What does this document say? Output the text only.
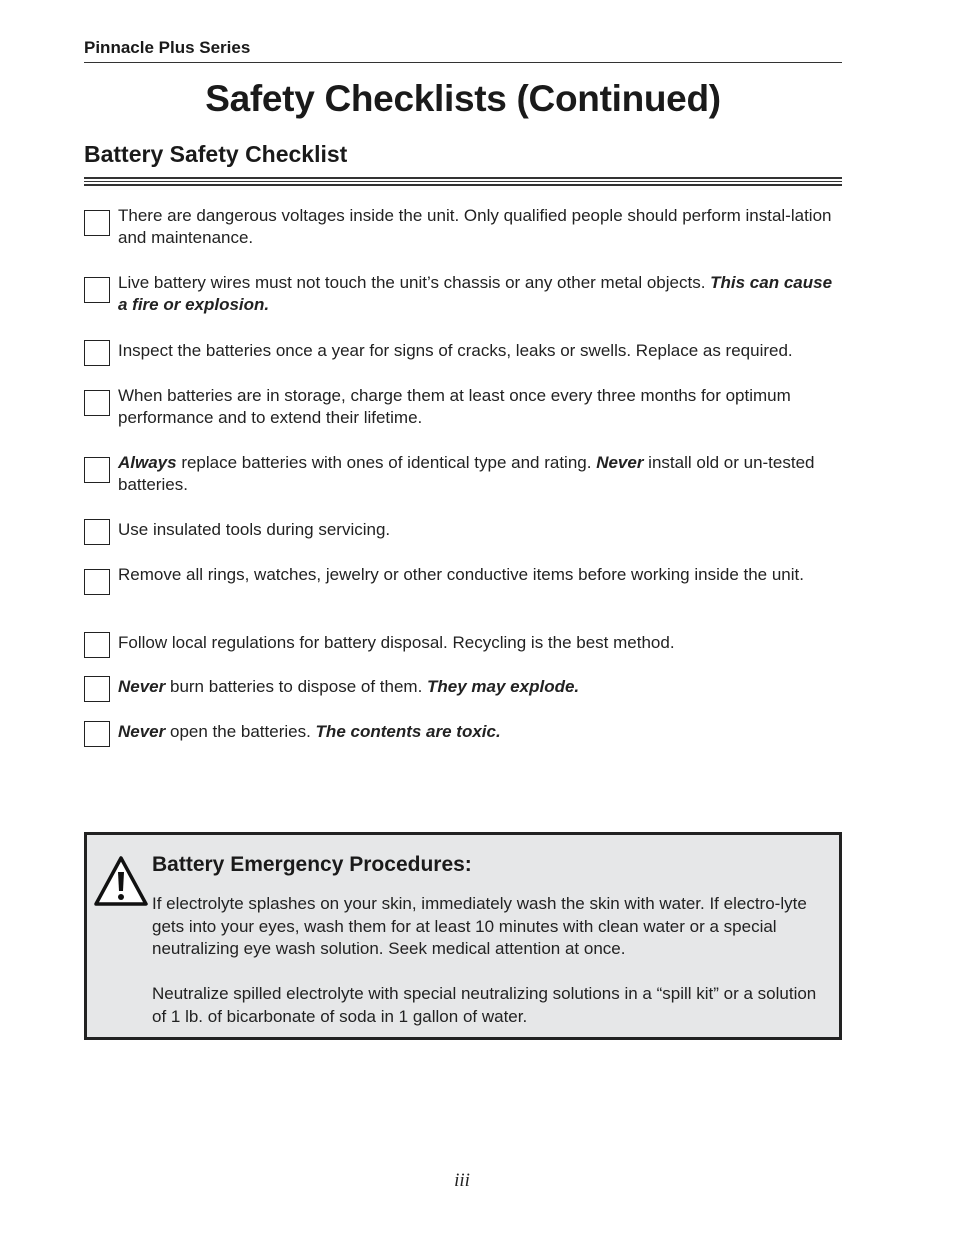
Pinnacle Plus Series
Safety Checklists (Continued)
Battery Safety Checklist
There are dangerous voltages inside the unit. Only qualified people should perform instal-lation and maintenance.
Live battery wires must not touch the unit’s chassis or any other metal objects. This can cause a fire or explosion.
Inspect the batteries once a year for signs of cracks, leaks or swells. Replace as required.
When batteries are in storage, charge them at least once every three months for optimum performance and to extend their lifetime.
Always replace batteries with ones of identical type and rating. Never install old or un-tested batteries.
Use insulated tools during servicing.
Remove all rings, watches, jewelry or other conductive items before working inside the unit.
Follow local regulations for battery disposal. Recycling is the best method.
Never burn batteries to dispose of them. They may explode.
Never open the batteries. The contents are toxic.
Battery Emergency Procedures:
If electrolyte splashes on your skin, immediately wash the skin with water. If electro-lyte gets into your eyes, wash them for at least 10 minutes with clean water or a special neutralizing eye wash solution. Seek medical attention at once.
Neutralize spilled electrolyte with special neutralizing solutions in a “spill kit” or a solution of 1 lb. of bicarbonate of soda in 1 gallon of water.
iii
